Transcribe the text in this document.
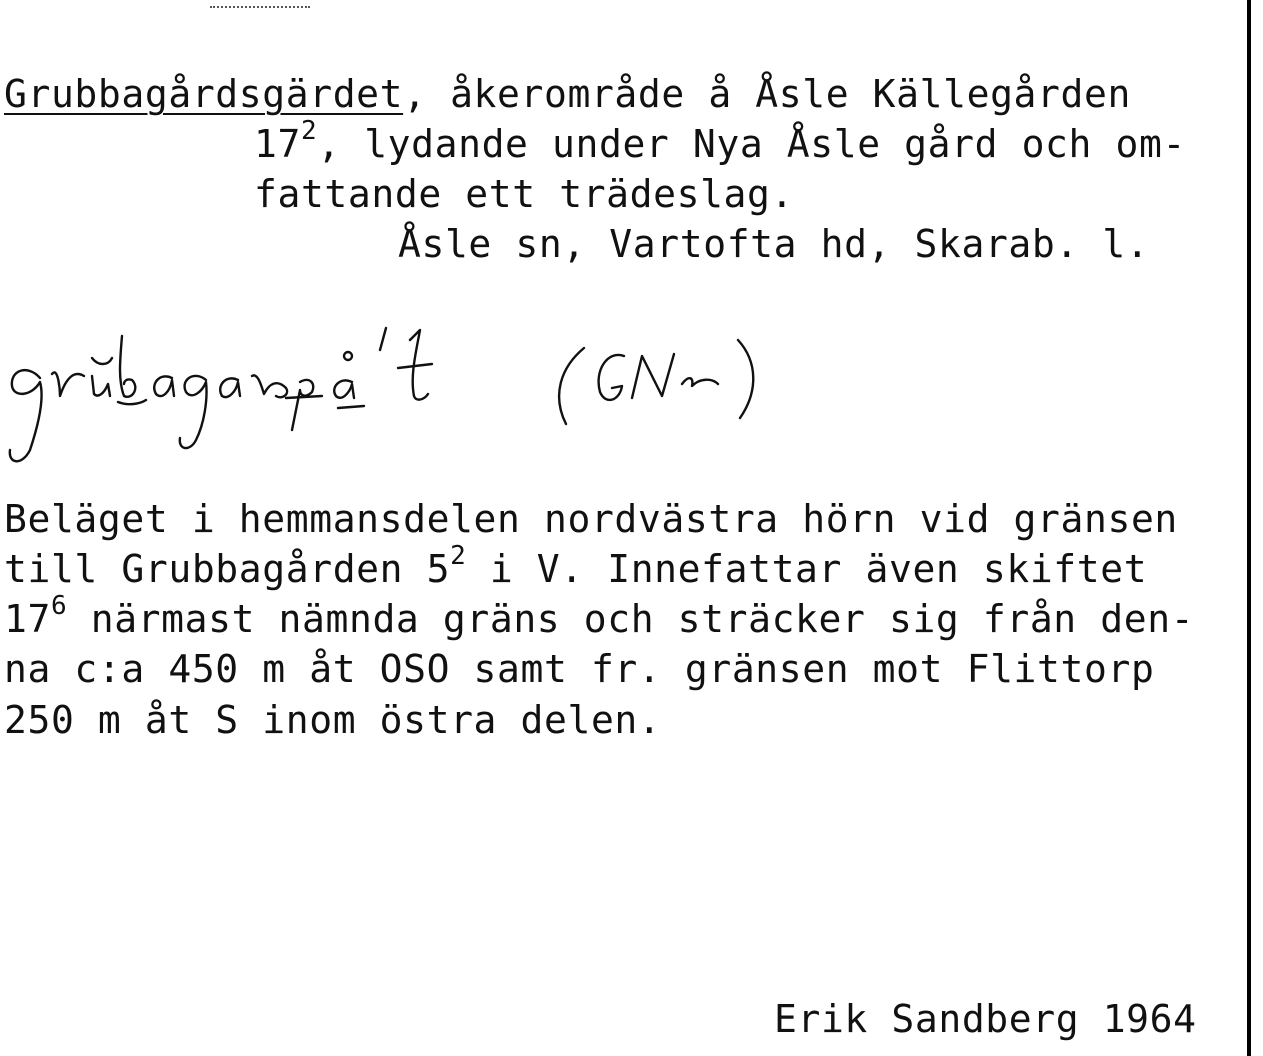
Grubbagårdsgärdet, åkerområde å Åsle Källegården
$17^2$, lydande under Nya Åsle gård och om-
fattande ett trädeslag.
Åsle sn, Vartofta hd, Skarab. l.
grubbagardsgärdet (GNr)
Beläget i hemmansdelen nordvästra hörn vid gränsen
till Grubbagården $5^2$ i V. Innefattar även skiftet
$17^6$ närmast nämnda gräns och sträcker sig från den-
na c:a 450 m åt OSO samt fr. gränsen mot Flittorp
250 m åt S inom östra delen.
Erik Sandberg 1964
